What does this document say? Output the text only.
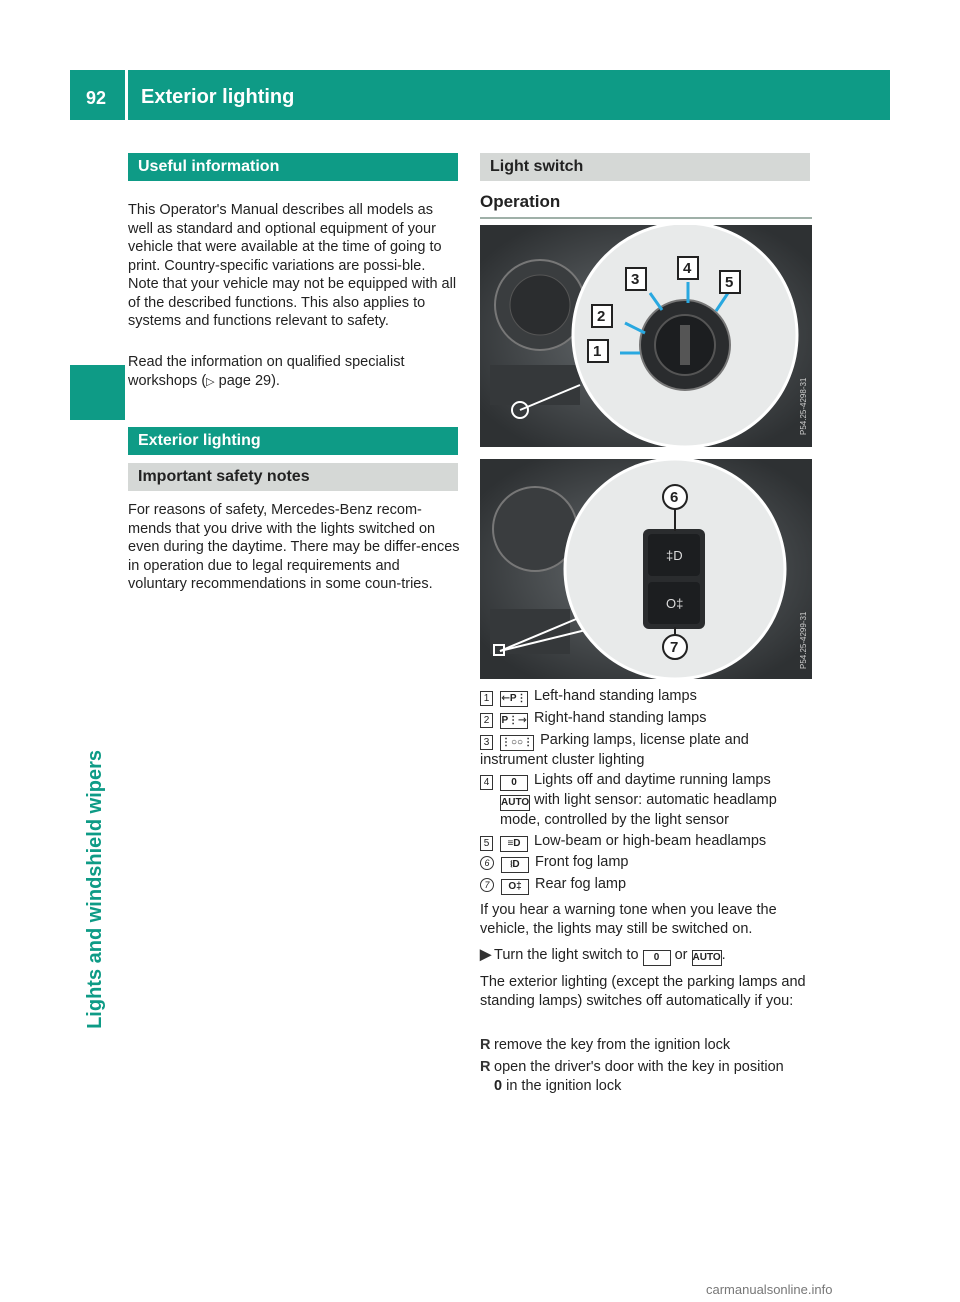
92 Exterior lighting
Lights and windshield wipers
Useful information

This Operator's Manual describes all models as well as standard and optional equipment of your vehicle that were available at the time of going to print. Country-specific variations are possi-ble. Note that your vehicle may not be equipped with all of the described functions. This also applies to systems and functions relevant to safety.

Read the information on qualified specialist workshops (▷ page 29).

Exterior lighting
Important safety notes

For reasons of safety, Mercedes-Benz recom-mends that you drive with the lights switched on even during the daytime. There may be differ-ences in operation due to legal requirements and voluntary recommendations in some coun-tries.

Light switch
Operation
1
2
3
4
5
P54.25-4298-31
‡D
O‡
6
7	P54.25-4299-31
1 ⇽P⋮ Left-hand standing lamps
2 P⋮⇾ Right-hand standing lamps
3 ⋮○○⋮ Parking lamps, license plate and instrument cluster lighting
4 0 Lights off and daytime running lamps
AUTO with light sensor: automatic headlamp mode, controlled by the light sensor
5 ≡D Low-beam or high-beam headlamps
6 ⧙D Front fog lamp
7 O‡ Rear fog lamp

If you hear a warning tone when you leave the vehicle, the lights may still be switched on.

▶ Turn the light switch to 0 or AUTO.

The exterior lighting (except the parking lamps and standing lamps) switches off automatically if you:

R remove the key from the ignition lock
R open the driver's door with the key in position
0 in the ignition lock
carmanualsonline.info
